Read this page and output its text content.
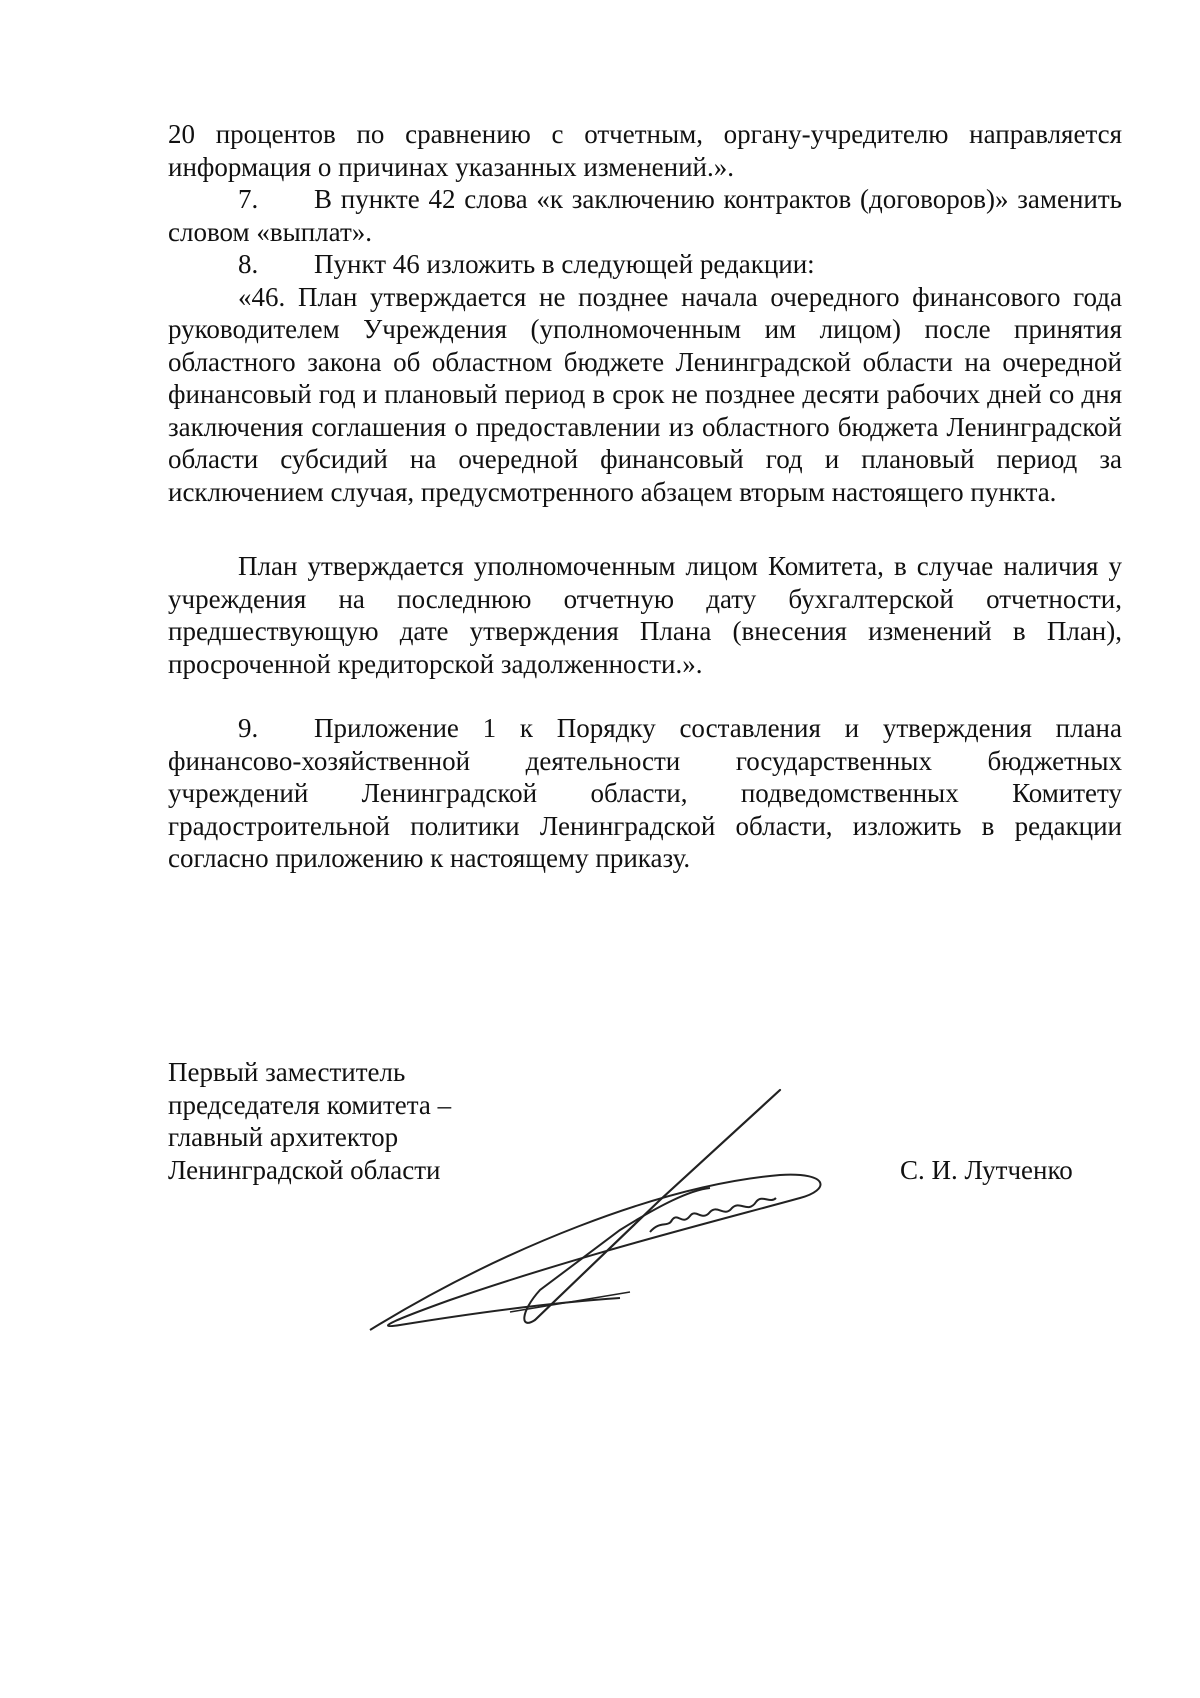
20 процентов по сравнению с отчетным, органу-учредителю направляется информация о причинах указанных изменений.».

7. В пункте 42 слова «к заключению контрактов (договоров)» заменить словом «выплат».

8. Пункт 46 изложить в следующей редакции:

«46. План утверждается не позднее начала очередного финансового года руководителем Учреждения (уполномоченным им лицом) после принятия областного закона об областном бюджете Ленинградской области на очередной финансовый год и плановый период в срок не позднее десяти рабочих дней со дня заключения соглашения о предоставлении из областного бюджета Ленинградской области субсидий на очередной финансовый год и плановый период за исключением случая, предусмотренного абзацем вторым настоящего пункта.

План утверждается уполномоченным лицом Комитета, в случае наличия у учреждения на последнюю отчетную дату бухгалтерской отчетности, предшествующую дате утверждения Плана (внесения изменений в План), просроченной кредиторской задолженности.».

9. Приложение 1 к Порядку составления и утверждения плана финансово-хозяйственной деятельности государственных бюджетных учреждений Ленинградской области, подведомственных Комитету градостроительной политики Ленинградской области, изложить в редакции согласно приложению к настоящему приказу.

Первый заместитель
председателя комитета –
главный архитектор
Ленинградской области	С. И. Лутченко
